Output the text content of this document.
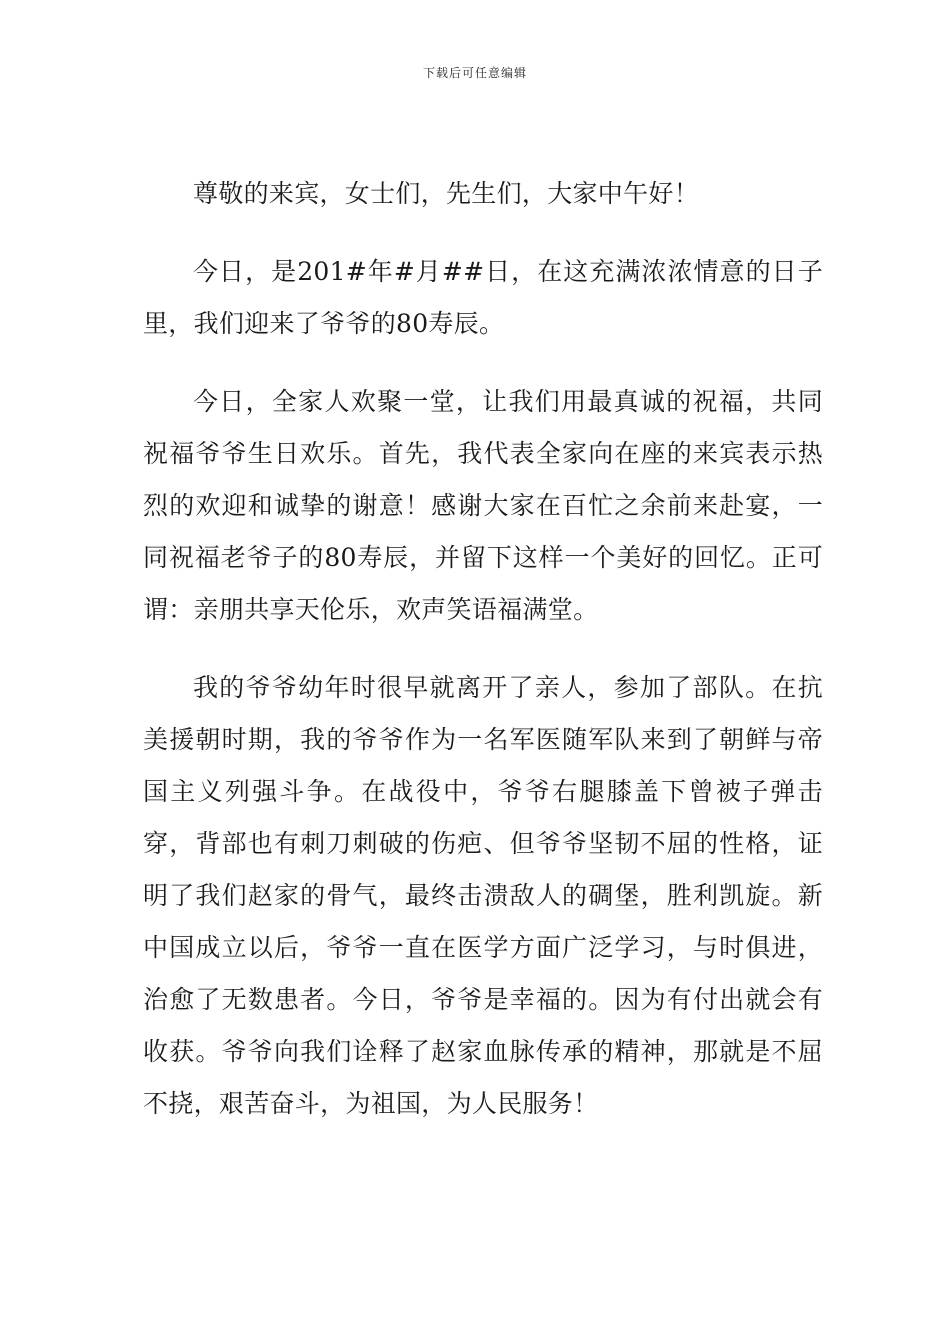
下载后可任意编辑

尊敬的来宾，女士们，先生们，大家中午好！

今日，是201#年#月##日，在这充满浓浓情意的日子里，我们迎来了爷爷的80寿辰。

今日，全家人欢聚一堂，让我们用最真诚的祝福，共同祝福爷爷生日欢乐。首先，我代表全家向在座的来宾表示热烈的欢迎和诚挚的谢意！感谢大家在百忙之余前来赴宴，一同祝福老爷子的80寿辰，并留下这样一个美好的回忆。正可谓：亲朋共享天伦乐，欢声笑语福满堂。

我的爷爷幼年时很早就离开了亲人，参加了部队。在抗美援朝时期，我的爷爷作为一名军医随军队来到了朝鲜与帝国主义列强斗争。在战役中，爷爷右腿膝盖下曾被子弹击穿，背部也有刺刀刺破的伤疤、但爷爷坚韧不屈的性格，证明了我们赵家的骨气，最终击溃敌人的碉堡，胜利凯旋。新中国成立以后，爷爷一直在医学方面广泛学习，与时俱进，治愈了无数患者。今日，爷爷是幸福的。因为有付出就会有收获。爷爷向我们诠释了赵家血脉传承的精神，那就是不屈不挠，艰苦奋斗，为祖国，为人民服务！
